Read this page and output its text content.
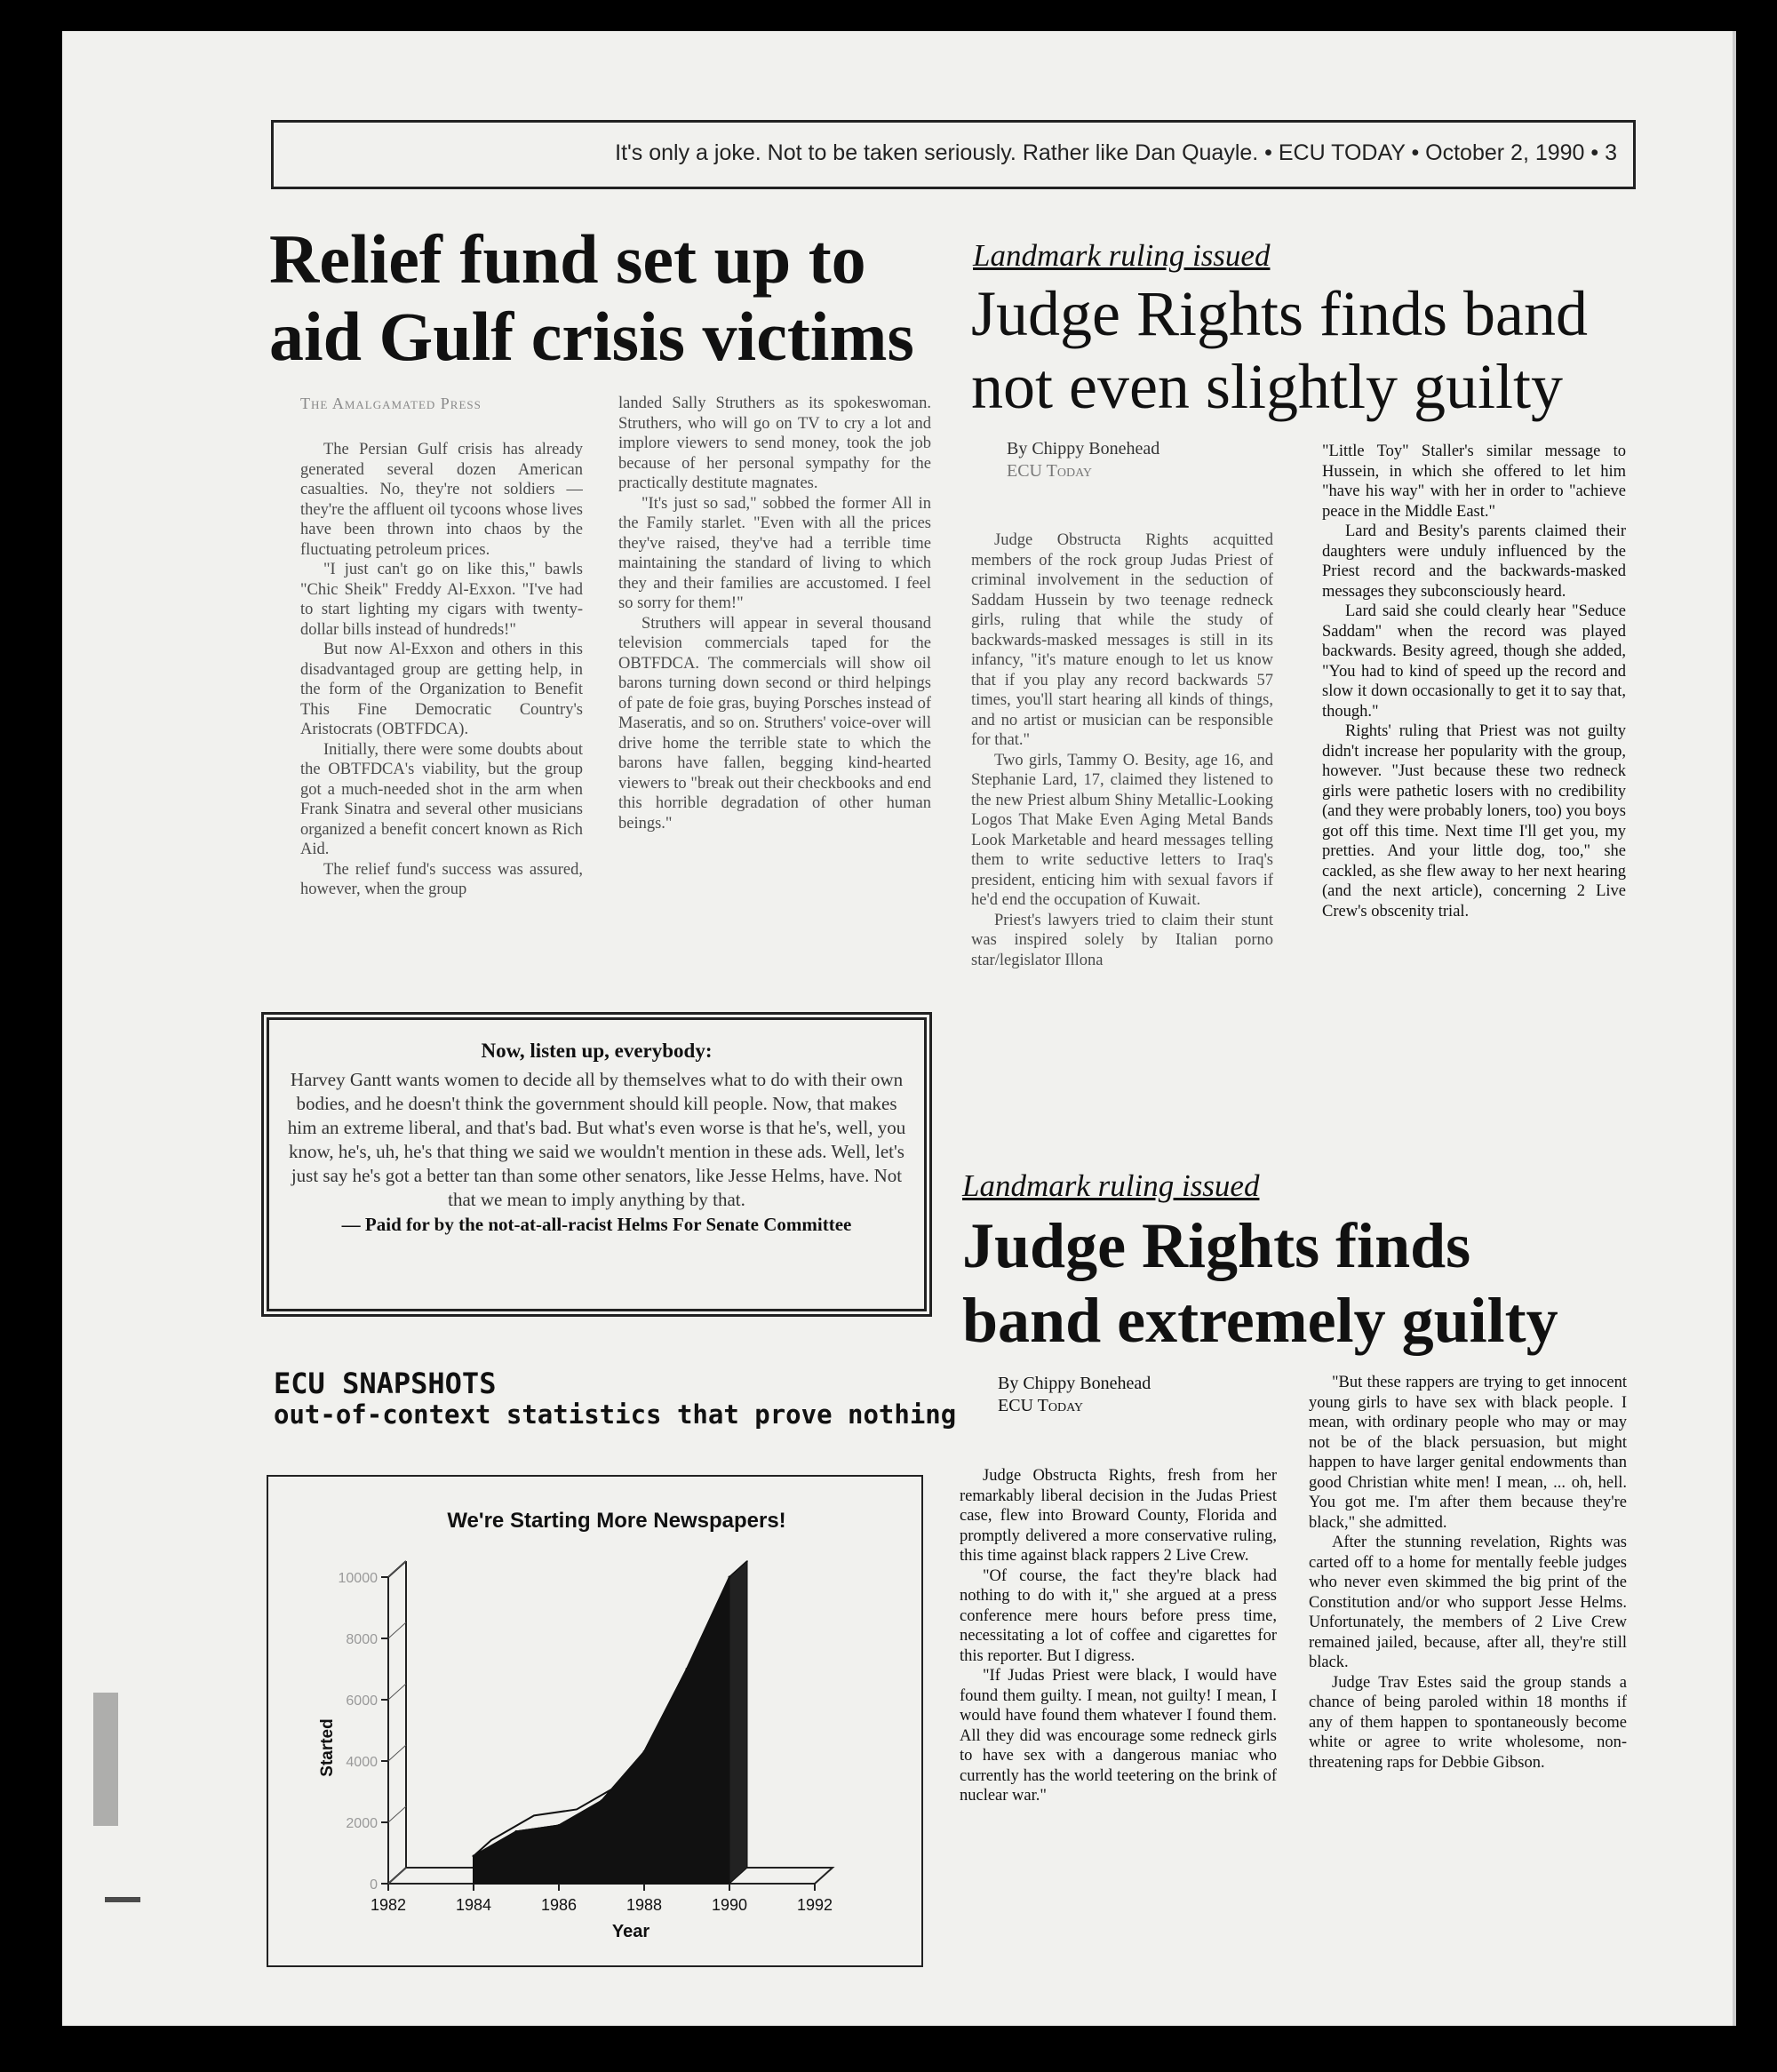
It's only a joke. Not to be taken seriously. Rather like Dan Quayle. • ECU TODAY • October 2, 1990 • 3
Relief fund set up to
aid Gulf crisis victims
The Amalgamated Press

The Persian Gulf crisis has already generated several dozen American casualties. No, they're not soldiers — they're the affluent oil tycoons whose lives have been thrown into chaos by the fluctuating petroleum prices.

"I just can't go on like this," bawls "Chic Sheik" Freddy Al-Exxon. "I've had to start lighting my cigars with twenty-dollar bills instead of hundreds!"

But now Al-Exxon and others in this disadvantaged group are getting help, in the form of the Organization to Benefit This Fine Democratic Country's Aristocrats (OBTFDCA).

Initially, there were some doubts about the OBTFDCA's viability, but the group got a much-needed shot in the arm when Frank Sinatra and several other musicians organized a benefit concert known as Rich Aid.

The relief fund's success was assured, however, when the group

landed Sally Struthers as its spokeswoman. Struthers, who will go on TV to cry a lot and implore viewers to send money, took the job because of her personal sympathy for the practically destitute magnates.

"It's just so sad," sobbed the former All in the Family starlet. "Even with all the prices they've raised, they've had a terrible time maintaining the standard of living to which they and their families are accustomed. I feel so sorry for them!"

Struthers will appear in several thousand television commercials taped for the OBTFDCA. The commercials will show oil barons turning down second or third helpings of pate de foie gras, buying Porsches instead of Maseratis, and so on. Struthers' voice-over will drive home the terrible state to which the barons have fallen, begging kind-hearted viewers to "break out their checkbooks and end this horrible degradation of other human beings."

Now, listen up, everybody:
Harvey Gantt wants women to decide all by themselves what to do with their own bodies, and he doesn't think the government should kill people. Now, that makes him an extreme liberal, and that's bad. But what's even worse is that he's, well, you know, he's, uh, he's that thing we said we wouldn't mention in these ads. Well, let's just say he's got a better tan than some other senators, like Jesse Helms, have. Not that we mean to imply anything by that.
— Paid for by the not-at-all-racist Helms For Senate Committee
ECU SNAPSHOTS
out-of-context statistics that prove nothing
We're Starting More Newspapers!
Started
Year
1982	1984	1986	1988	1990	1992
0
2000
4000
6000
8000
10000
Landmark ruling issued
Judge Rights finds band
not even slightly guilty
By Chippy Bonehead
ECU Today

Judge Obstructa Rights acquitted members of the rock group Judas Priest of criminal involvement in the seduction of Saddam Hussein by two teenage redneck girls, ruling that while the study of backwards-masked messages is still in its infancy, "it's mature enough to let us know that if you play any record backwards 57 times, you'll start hearing all kinds of things, and no artist or musician can be responsible for that."

Two girls, Tammy O. Besity, age 16, and Stephanie Lard, 17, claimed they listened to the new Priest album Shiny Metallic-Looking Logos That Make Even Aging Metal Bands Look Marketable and heard messages telling them to write seductive letters to Iraq's president, enticing him with sexual favors if he'd end the occupation of Kuwait.

Priest's lawyers tried to claim their stunt was inspired solely by Italian porno star/legislator Illona

"Little Toy" Staller's similar message to Hussein, in which she offered to let him "have his way" with her in order to "achieve peace in the Middle East."

Lard and Besity's parents claimed their daughters were unduly influenced by the Priest record and the backwards-masked messages they subconsciously heard.

Lard said she could clearly hear "Seduce Saddam" when the record was played backwards. Besity agreed, though she added, "You had to kind of speed up the record and slow it down occasionally to get it to say that, though."

Rights' ruling that Priest was not guilty didn't increase her popularity with the group, however. "Just because these two redneck girls were pathetic losers with no credibility (and they were probably loners, too) you boys got off this time. Next time I'll get you, my pretties. And your little dog, too," she cackled, as she flew away to her next hearing (and the next article), concerning 2 Live Crew's obscenity trial.

Landmark ruling issued
Judge Rights finds
band extremely guilty
By Chippy Bonehead
ECU Today

Judge Obstructa Rights, fresh from her remarkably liberal decision in the Judas Priest case, flew into Broward County, Florida and promptly delivered a more conservative ruling, this time against black rappers 2 Live Crew.

"Of course, the fact they're black had nothing to do with it," she argued at a press conference mere hours before press time, necessitating a lot of coffee and cigarettes for this reporter. But I digress.

"If Judas Priest were black, I would have found them guilty. I mean, not guilty! I mean, I would have found them whatever I found them. All they did was encourage some redneck girls to have sex with a dangerous maniac who currently has the world teetering on the brink of nuclear war."

"But these rappers are trying to get innocent young girls to have sex with black people. I mean, with ordinary people who may or may not be of the black persuasion, but might happen to have larger genital endowments than good Christian white men! I mean, ... oh, hell. You got me. I'm after them because they're black," she admitted.

After the stunning revelation, Rights was carted off to a home for mentally feeble judges who never even skimmed the big print of the Constitution and/or who support Jesse Helms. Unfortunately, the members of 2 Live Crew remained jailed, because, after all, they're still black.

Judge Trav Estes said the group stands a chance of being paroled within 18 months if any of them happen to spontaneously become white or agree to write wholesome, non-threatening raps for Debbie Gibson.
